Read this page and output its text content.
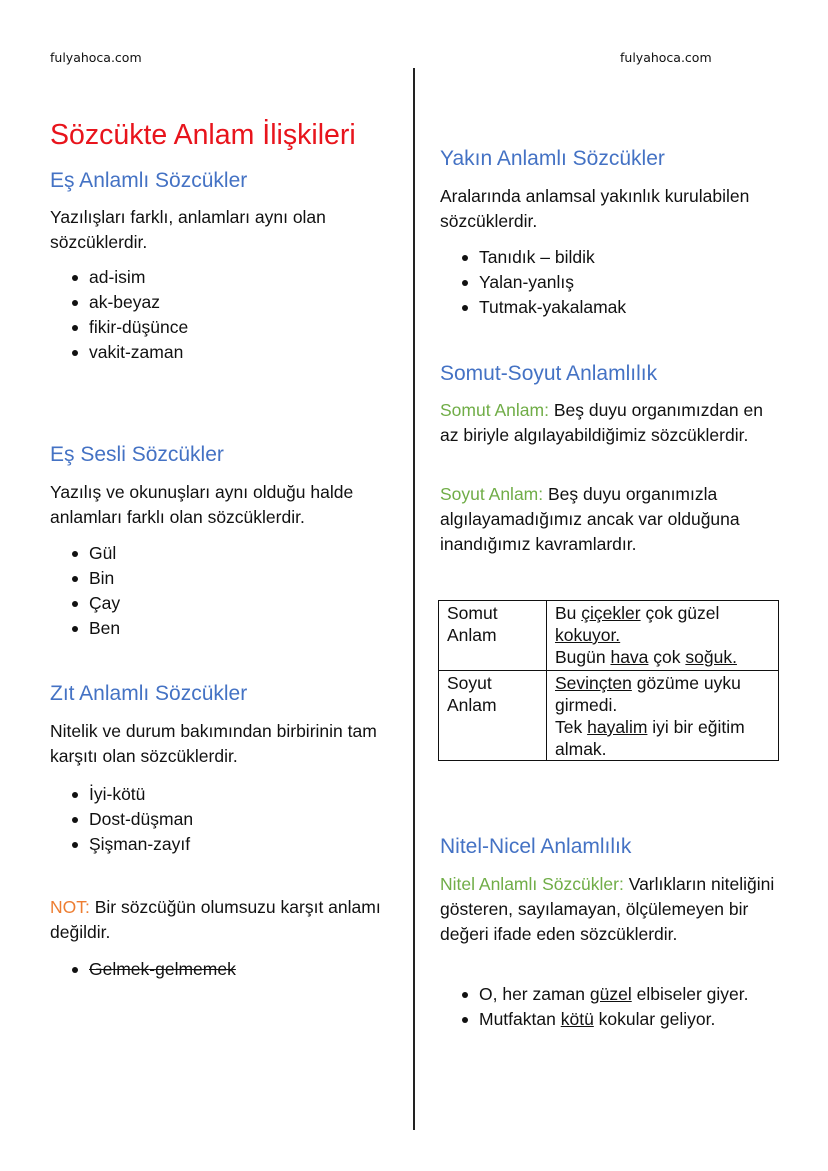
fulyahoca.com	fulyahoca.com
Sözcükte Anlam İlişkileri
Eş Anlamlı Sözcükler
Yazılışları farklı, anlamları aynı olan sözcüklerdir.
ad-isim
ak-beyaz
fikir-düşünce
vakit-zaman
Eş Sesli Sözcükler
Yazılış ve okunuşları aynı olduğu halde anlamları farklı olan sözcüklerdir.
Gül
Bin
Çay
Ben
Zıt Anlamlı Sözcükler
Nitelik ve durum bakımından birbirinin tam karşıtı olan sözcüklerdir.
İyi-kötü
Dost-düşman
Şişman-zayıf
NOT: Bir sözcüğün olumsuzu karşıt anlamı değildir.
Gelmek-gelmemek
Yakın Anlamlı Sözcükler
Aralarında anlamsal yakınlık kurulabilen sözcüklerdir.
Tanıdık – bildik
Yalan-yanlış
Tutmak-yakalamak
Somut-Soyut Anlamlılık
Somut Anlam: Beş duyu organımızdan en az biriyle algılayabildiğimiz sözcüklerdir.
Soyut Anlam: Beş duyu organımızla algılayamadığımız ancak var olduğuna inandığımız kavramlardır.
Somut Anlam	Bu çiçekler çok güzel kokuyor.
Bugün hava çok soğuk.
Soyut Anlam	Sevinçten gözüme uyku girmedi.
Tek hayalim iyi bir eğitim almak.
Nitel-Nicel Anlamlılık
Nitel Anlamlı Sözcükler: Varlıkların niteliğini gösteren, sayılamayan, ölçülemeyen bir değeri ifade eden sözcüklerdir.
O, her zaman güzel elbiseler giyer.
Mutfaktan kötü kokular geliyor.
